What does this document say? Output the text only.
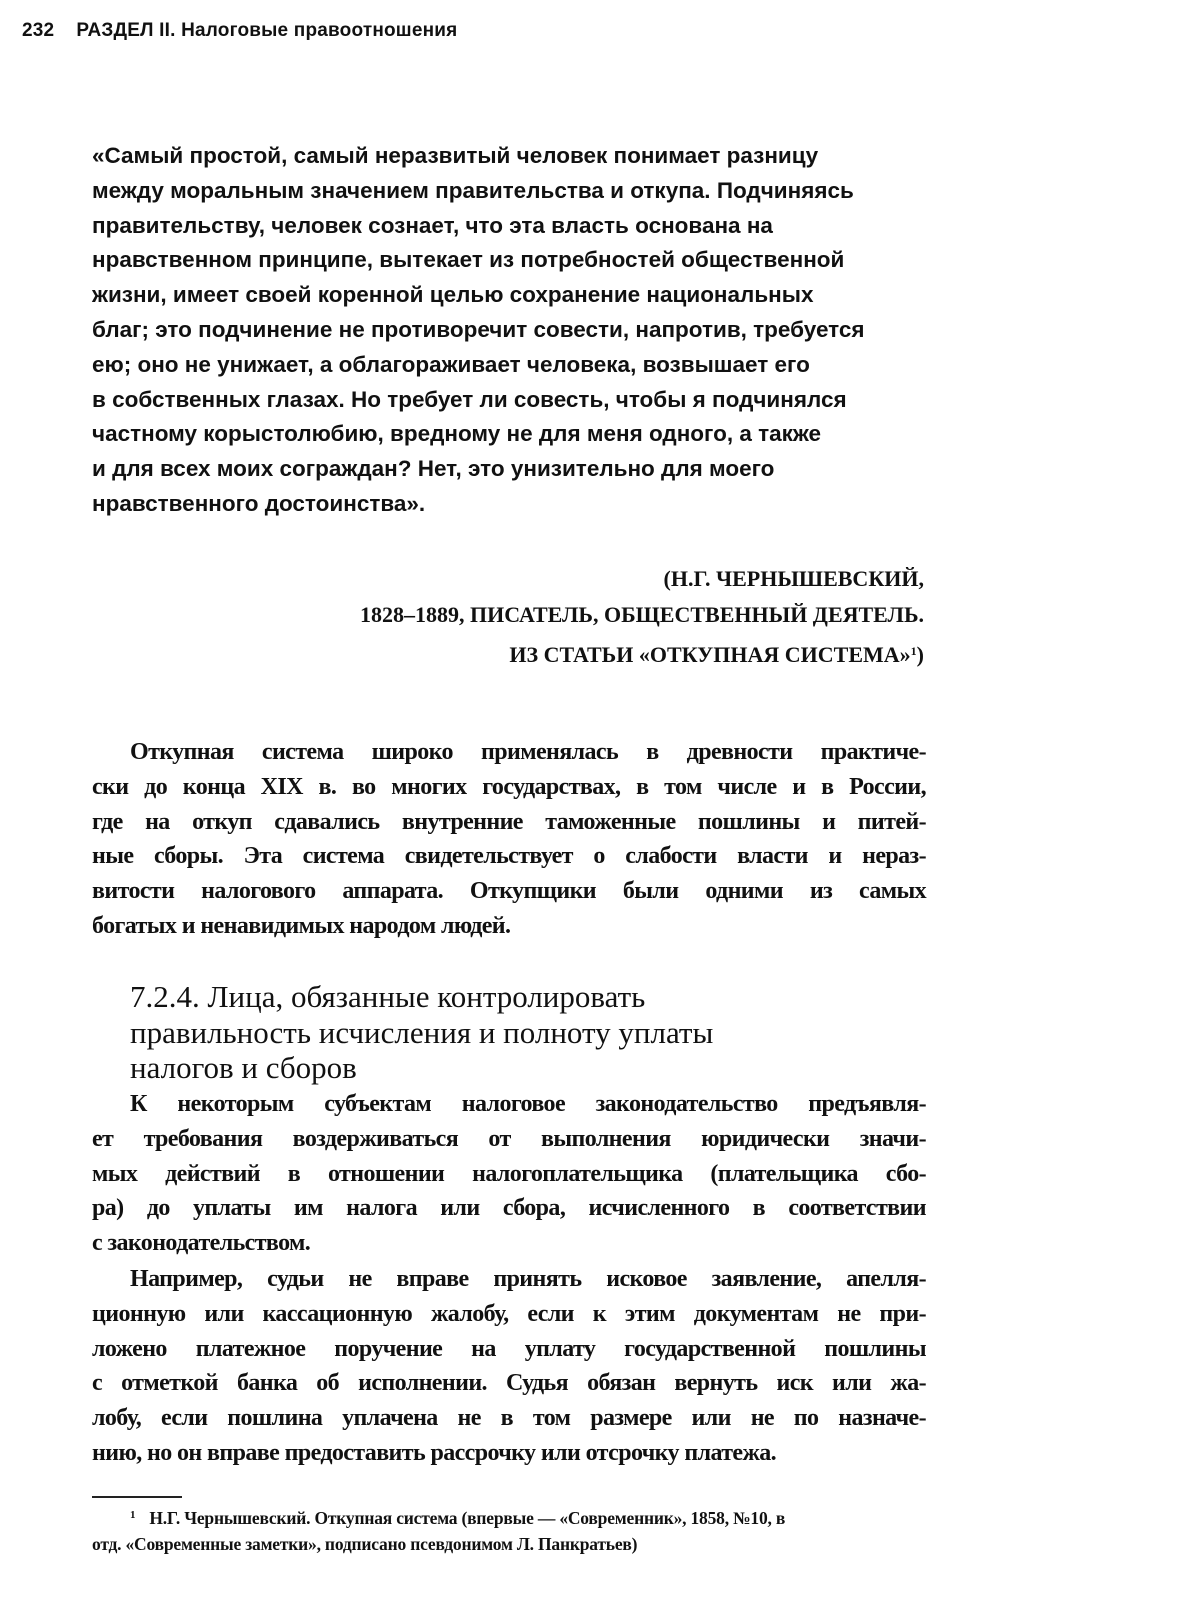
232 РАЗДЕЛ II. Налоговые правоотношения
«Самый простой, самый неразвитый человек понимает разницу
между моральным значением правительства и откупа. Подчиняясь
правительству, человек сознает, что эта власть основана на
нравственном принципе, вытекает из потребностей общественной
жизни, имеет своей коренной целью сохранение национальных
благ; это подчинение не противоречит совести, напротив, требуется
ею; оно не унижает, а облагораживает человека, возвышает его
в собственных глазах. Но требует ли совесть, чтобы я подчинялся
частному корыстолюбию, вредному не для меня одного, а также
и для всех моих сограждан? Нет, это унизительно для моего
нравственного достоинства».
(Н.Г. ЧЕРНЫШЕВСКИЙ,
1828–1889, ПИСАТЕЛЬ, ОБЩЕСТВЕННЫЙ ДЕЯТЕЛЬ.
ИЗ СТАТЬИ «ОТКУПНАЯ СИСТЕМА»$^1$)
Откупная система широко применялась в древности практиче-
ски до конца XIX в. во многих государствах, в том числе и в России,
где на откуп сдавались внутренние таможенные пошлины и питей-
ные сборы. Эта система свидетельствует о слабости власти и нераз-
витости налогового аппарата. Откупщики были одними из самых
богатых и ненавидимых народом людей.
7.2.4. Лица, обязанные контролировать
правильность исчисления и полноту уплаты
налогов и сборов
К некоторым субъектам налоговое законодательство предъявля-
ет требования воздерживаться от выполнения юридически значи-
мых действий в отношении налогоплательщика (плательщика сбо-
ра) до уплаты им налога или сбора, исчисленного в соответствии
с законодательством.
Например, судьи не вправе принять исковое заявление, апелля-
ционную или кассационную жалобу, если к этим документам не при-
ложено платежное поручение на уплату государственной пошлины
с отметкой банка об исполнении. Судья обязан вернуть иск или жа-
лобу, если пошлина уплачена не в том размере или не по назначе-
нию, но он вправе предоставить рассрочку или отсрочку платежа.
$^1$ Н.Г. Чернышевский. Откупная система (впервые — «Современник», 1858, №10, в
отд. «Современные заметки», подписано псевдонимом Л. Панкратьев)
